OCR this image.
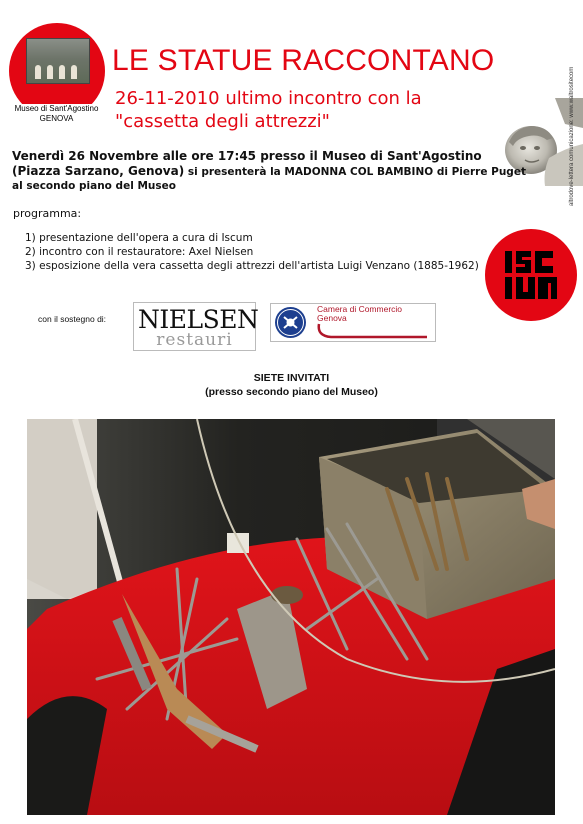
Museo di Sant'Agostino
GENOVA
LE STATUE RACCONTANO
26-11-2010 ultimo incontro con la
"cassetta degli attrezzi"	altrodove-lettera comunicazione: www.waltrositecom
Venerdì 26 Novembre alle ore 17:45 presso il Museo di Sant'Agostino
(Piazza Sarzano, Genova) si presenterà la MADONNA COL BAMBINO di Pierre Puget
al secondo piano del Museo
programma:
1) presentazione dell'opera a cura di Iscum
2) incontro con il restauratore: Axel Nielsen
3) esposizione della vera cassetta degli attrezzi dell'artista Luigi Venzano (1885-1962)
con il sostegno di: NIELSEN
restauri
Camera di Commercio
Genova
SIETE INVITATI
(presso secondo piano del Museo)
